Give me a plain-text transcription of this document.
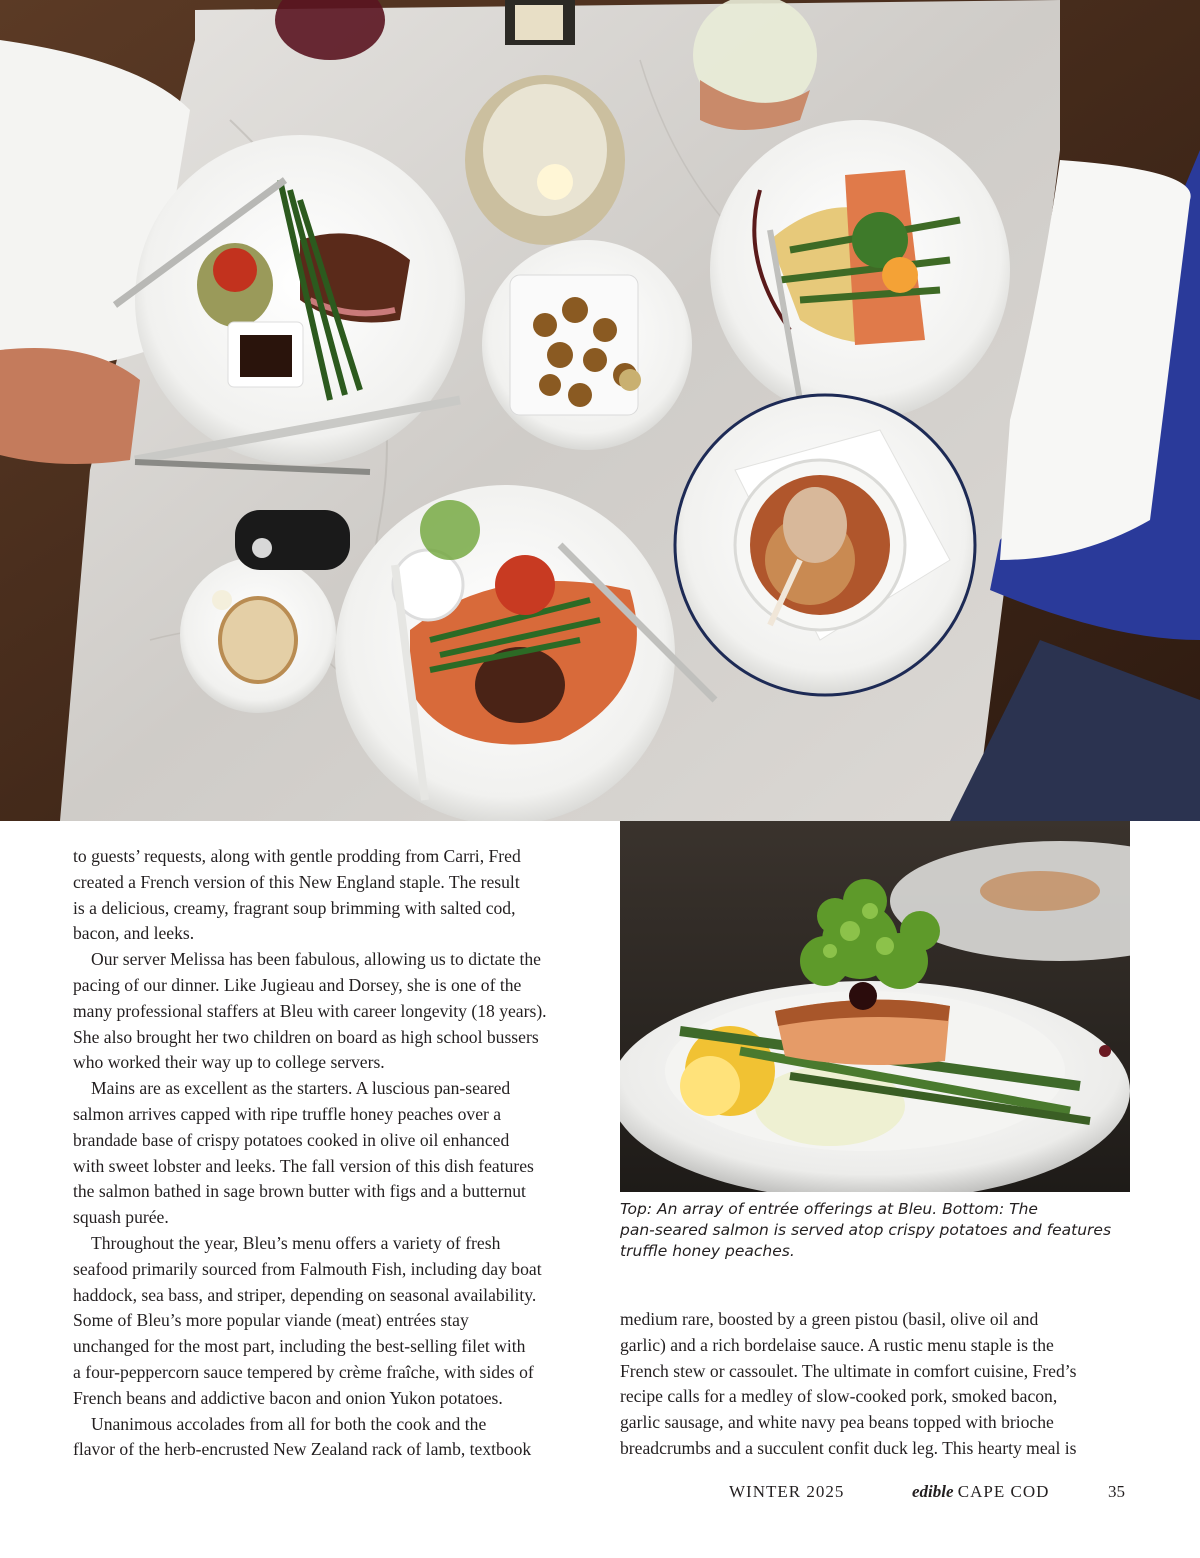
Top: An array of entrée offerings at Bleu. Bottom: The

pan-seared salmon is served atop crispy potatoes and features

truffle honey peaches.

to guests’ requests, along with gentle prodding from Carri, Fred
created a French version of this New England staple. The result
is a delicious, creamy, fragrant soup brimming with salted cod,
bacon, and leeks.

Our server Melissa has been fabulous, allowing us to dictate the
pacing of our dinner. Like Jugieau and Dorsey, she is one of the
many professional staffers at Bleu with career longevity (18 years).
She also brought her two children on board as high school bussers
who worked their way up to college servers.

Mains are as excellent as the starters. A luscious pan-seared
salmon arrives capped with ripe truffle honey peaches over a
brandade base of crispy potatoes cooked in olive oil enhanced
with sweet lobster and leeks. The fall version of this dish features
the salmon bathed in sage brown butter with figs and a butternut
squash purée.

Throughout the year, Bleu’s menu offers a variety of fresh
seafood primarily sourced from Falmouth Fish, including day boat
haddock, sea bass, and striper, depending on seasonal availability.
Some of Bleu’s more popular viande (meat) entrées stay
unchanged for the most part, including the best-selling filet with
a four-peppercorn sauce tempered by crème fraîche, with sides of
French beans and addictive bacon and onion Yukon potatoes.

Unanimous accolades from all for both the cook and the
flavor of the herb-encrusted New Zealand rack of lamb, textbook

medium rare, boosted by a green pistou (basil, olive oil and
garlic) and a rich bordelaise sauce. A rustic menu staple is the
French stew or cassoulet. The ultimate in comfort cuisine, Fred’s
recipe calls for a medley of slow-cooked pork, smoked bacon,
garlic sausage, and white navy pea beans topped with brioche
breadcrumbs and a succulent confit duck leg. This hearty meal is

WINTER 2025	edible CAPE COD	35
